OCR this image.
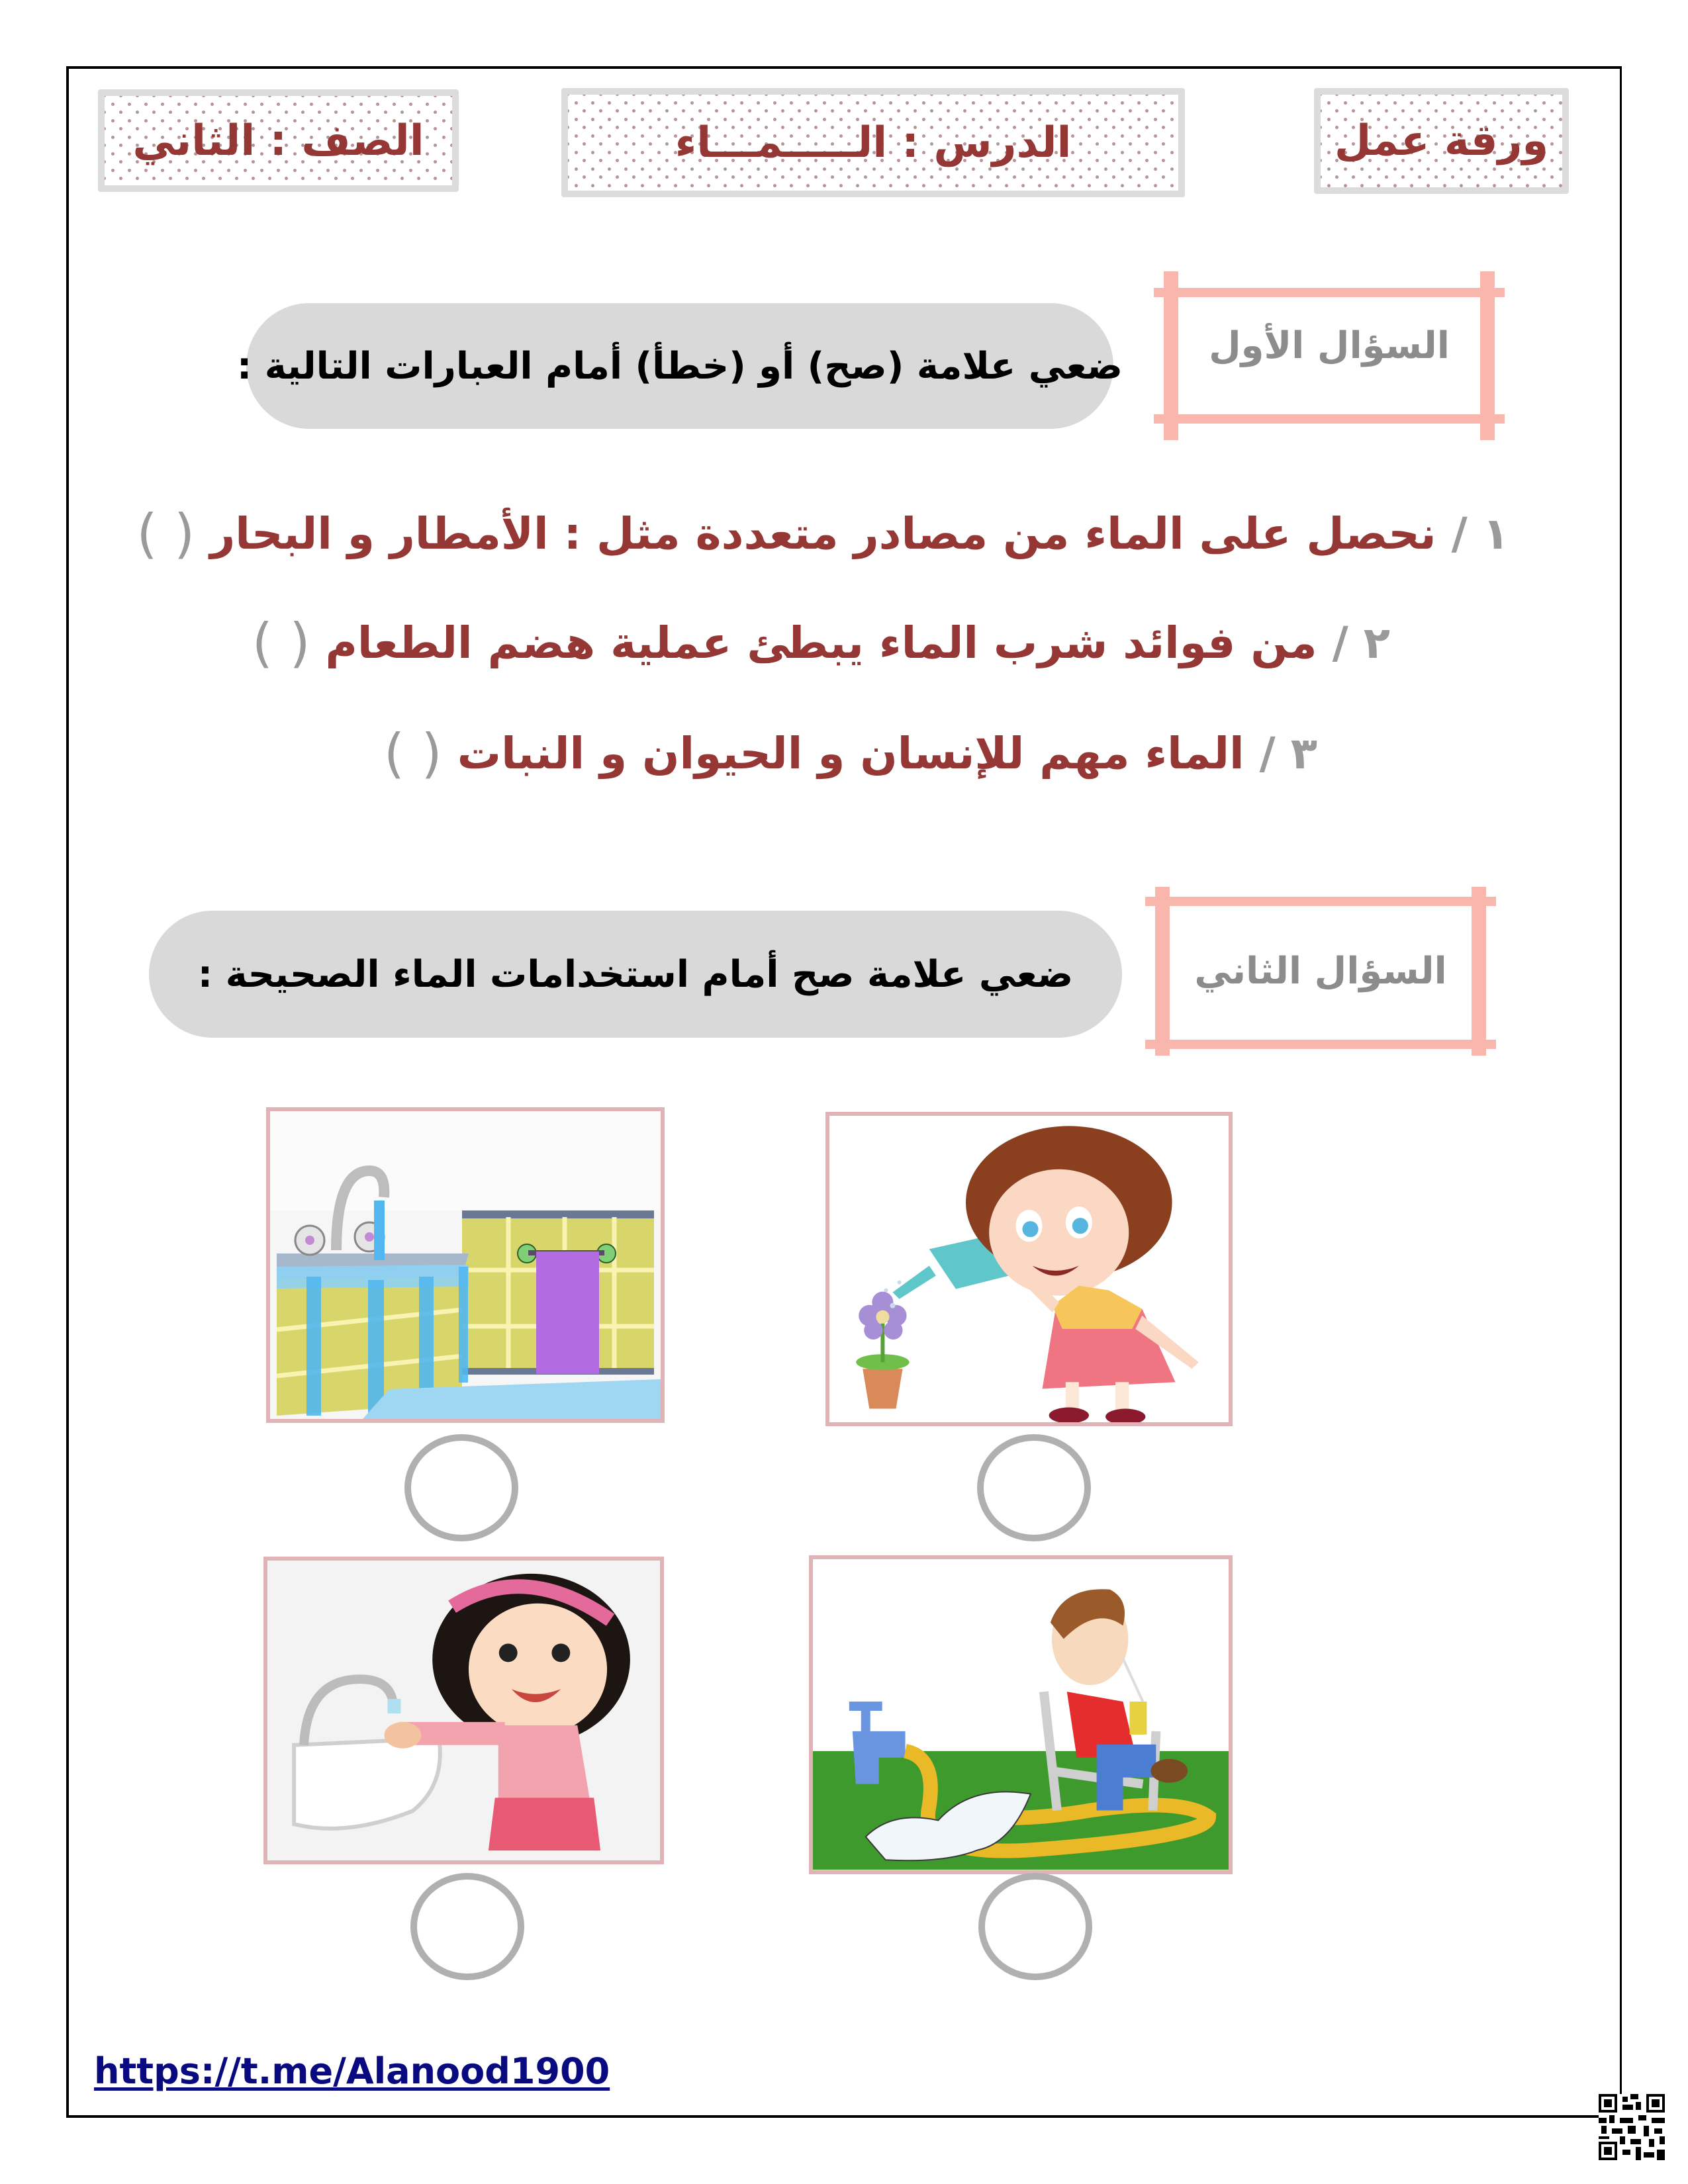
ورقة عمل
الدرس : الـــــمـــاء
الصف : الثاني
السؤال الأول
ضعي علامة (صح) أو (خطأ) أمام العبارات التالية :
١ /

نحصل على الماء من مصادر متعددة مثل : الأمطار و البحار

( )
٢ /

من فوائد شرب الماء يبطئ عملية هضم الطعام

( )
٣ /

الماء مهم للإنسان و الحيوان و النبات

( )
السؤال الثاني
ضعي علامة صح أمام استخدامات الماء الصحيحة :
https://t.me/Alanood1900
